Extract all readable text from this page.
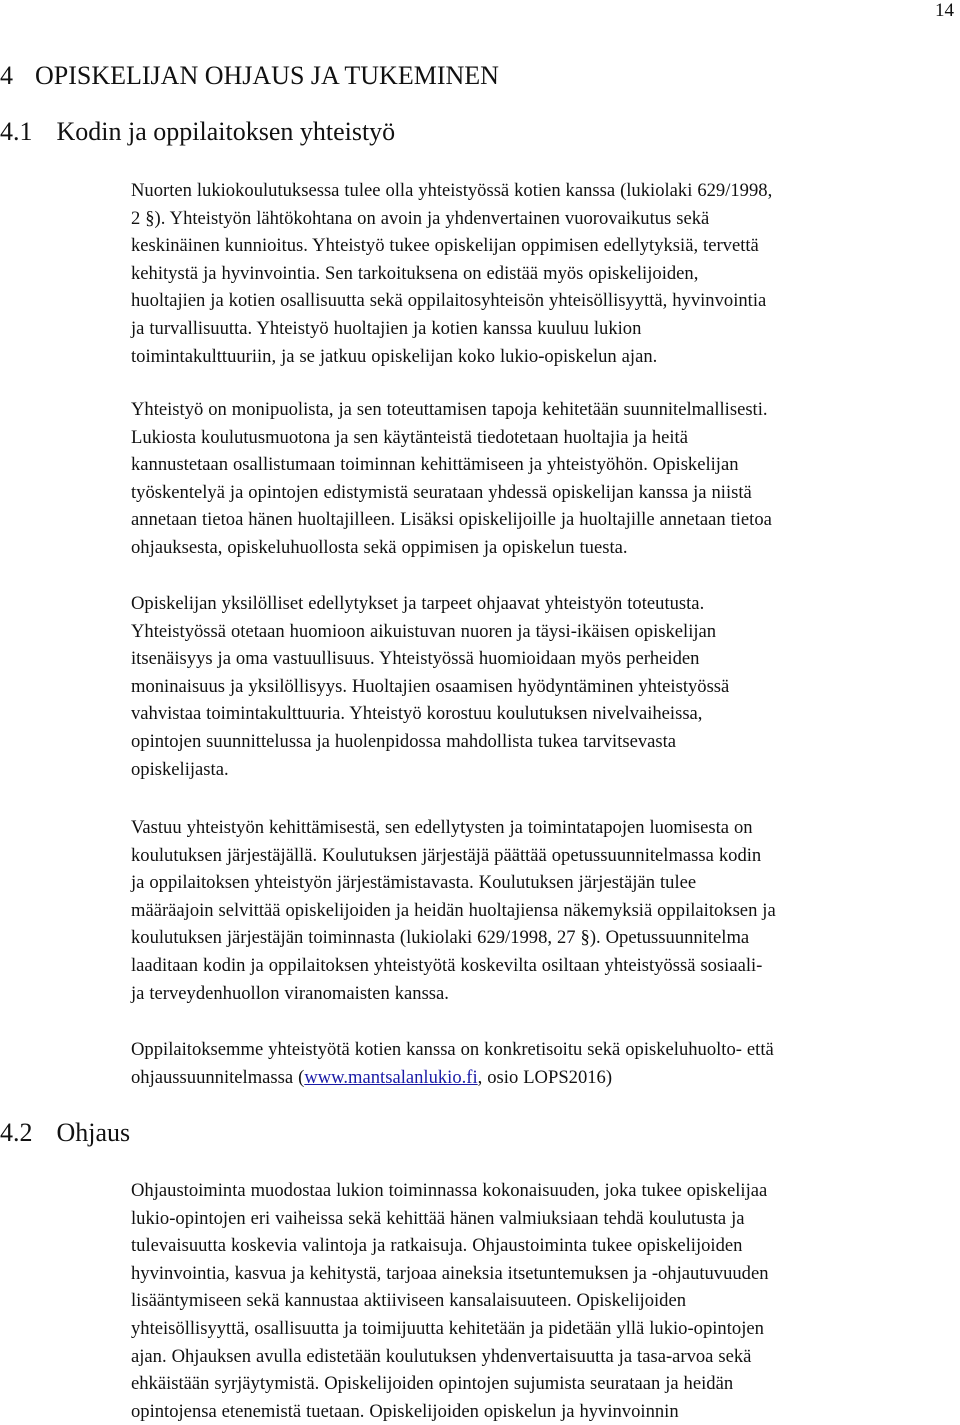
14
4 OPISKELIJAN OHJAUS JA TUKEMINEN
4.1 Kodin ja oppilaitoksen yhteistyö

Nuorten lukiokoulutuksessa tulee olla yhteistyössä kotien kanssa (lukiolaki 629/1998,
2 §). Yhteistyön lähtökohtana on avoin ja yhdenvertainen vuorovaikutus sekä
keskinäinen kunnioitus. Yhteistyö tukee opiskelijan oppimisen edellytyksiä, tervettä
kehitystä ja hyvinvointia. Sen tarkoituksena on edistää myös opiskelijoiden,
huoltajien ja kotien osallisuutta sekä oppilaitosyhteisön yhteisöllisyyttä, hyvinvointia
ja turvallisuutta. Yhteistyö huoltajien ja kotien kanssa kuuluu lukion
toimintakulttuuriin, ja se jatkuu opiskelijan koko lukio-opiskelun ajan.

Yhteistyö on monipuolista, ja sen toteuttamisen tapoja kehitetään suunnitelmallisesti.
Lukiosta koulutusmuotona ja sen käytänteistä tiedotetaan huoltajia ja heitä
kannustetaan osallistumaan toiminnan kehittämiseen ja yhteistyöhön. Opiskelijan
työskentelyä ja opintojen edistymistä seurataan yhdessä opiskelijan kanssa ja niistä
annetaan tietoa hänen huoltajilleen. Lisäksi opiskelijoille ja huoltajille annetaan tietoa
ohjauksesta, opiskeluhuollosta sekä oppimisen ja opiskelun tuesta.

Opiskelijan yksilölliset edellytykset ja tarpeet ohjaavat yhteistyön toteutusta.
Yhteistyössä otetaan huomioon aikuistuvan nuoren ja täysi-ikäisen opiskelijan
itsenäisyys ja oma vastuullisuus. Yhteistyössä huomioidaan myös perheiden
moninaisuus ja yksilöllisyys. Huoltajien osaamisen hyödyntäminen yhteistyössä
vahvistaa toimintakulttuuria. Yhteistyö korostuu koulutuksen nivelvaiheissa,
opintojen suunnittelussa ja huolenpidossa mahdollista tukea tarvitsevasta
opiskelijasta.

Vastuu yhteistyön kehittämisestä, sen edellytysten ja toimintatapojen luomisesta on
koulutuksen järjestäjällä. Koulutuksen järjestäjä päättää opetussuunnitelmassa kodin
ja oppilaitoksen yhteistyön järjestämistavasta. Koulutuksen järjestäjän tulee
määräajoin selvittää opiskelijoiden ja heidän huoltajiensa näkemyksiä oppilaitoksen ja
koulutuksen järjestäjän toiminnasta (lukiolaki 629/1998, 27 §). Opetussuunnitelma
laaditaan kodin ja oppilaitoksen yhteistyötä koskevilta osiltaan yhteistyössä sosiaali-
ja terveydenhuollon viranomaisten kanssa.

Oppilaitoksemme yhteistyötä kotien kanssa on konkretisoitu sekä opiskeluhuolto- että
ohjaussuunnitelmassa (www.mantsalanlukio.fi, osio LOPS2016)

4.2 Ohjaus

Ohjaustoiminta muodostaa lukion toiminnassa kokonaisuuden, joka tukee opiskelijaa
lukio-opintojen eri vaiheissa sekä kehittää hänen valmiuksiaan tehdä koulutusta ja
tulevaisuutta koskevia valintoja ja ratkaisuja. Ohjaustoiminta tukee opiskelijoiden
hyvinvointia, kasvua ja kehitystä, tarjoaa aineksia itsetuntemuksen ja -ohjautuvuuden
lisääntymiseen sekä kannustaa aktiiviseen kansalaisuuteen. Opiskelijoiden
yhteisöllisyyttä, osallisuutta ja toimijuutta kehitetään ja pidetään yllä lukio-opintojen
ajan. Ohjauksen avulla edistetään koulutuksen yhdenvertaisuutta ja tasa-arvoa sekä
ehkäistään syrjäytymistä. Opiskelijoiden opintojen sujumista seurataan ja heidän
opintojensa etenemistä tuetaan. Opiskelijoiden opiskelun ja hyvinvoinnin
